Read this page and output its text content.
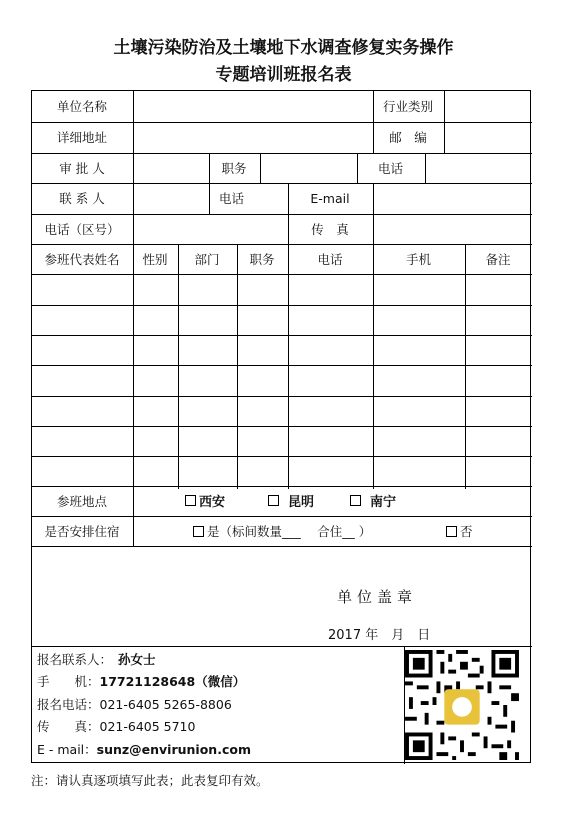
土壤污染防治及土壤地下水调查修复实务操作
专题培训班报名表
单位名称	行业类别
详细地址	邮　编
审 批 人	职务	电话
联 系 人	电话	E-mail
电话（区号）	传　真
参班代表姓名	性别	部门	职务	电话	手机	备注
参班地点	西安	昆明	南宁
是否安排住宿	是（标间数量___　 合住__ ）	否
单位盖章
2017 年　月　日
报名联系人： 孙女士
手　　机：17721128648（微信）
报名电话：021-6405 5265-8806
传　　真：021-6405 5710
E - mail：sunz@envirunion.com
注：请认真逐项填写此表；此表复印有效。
